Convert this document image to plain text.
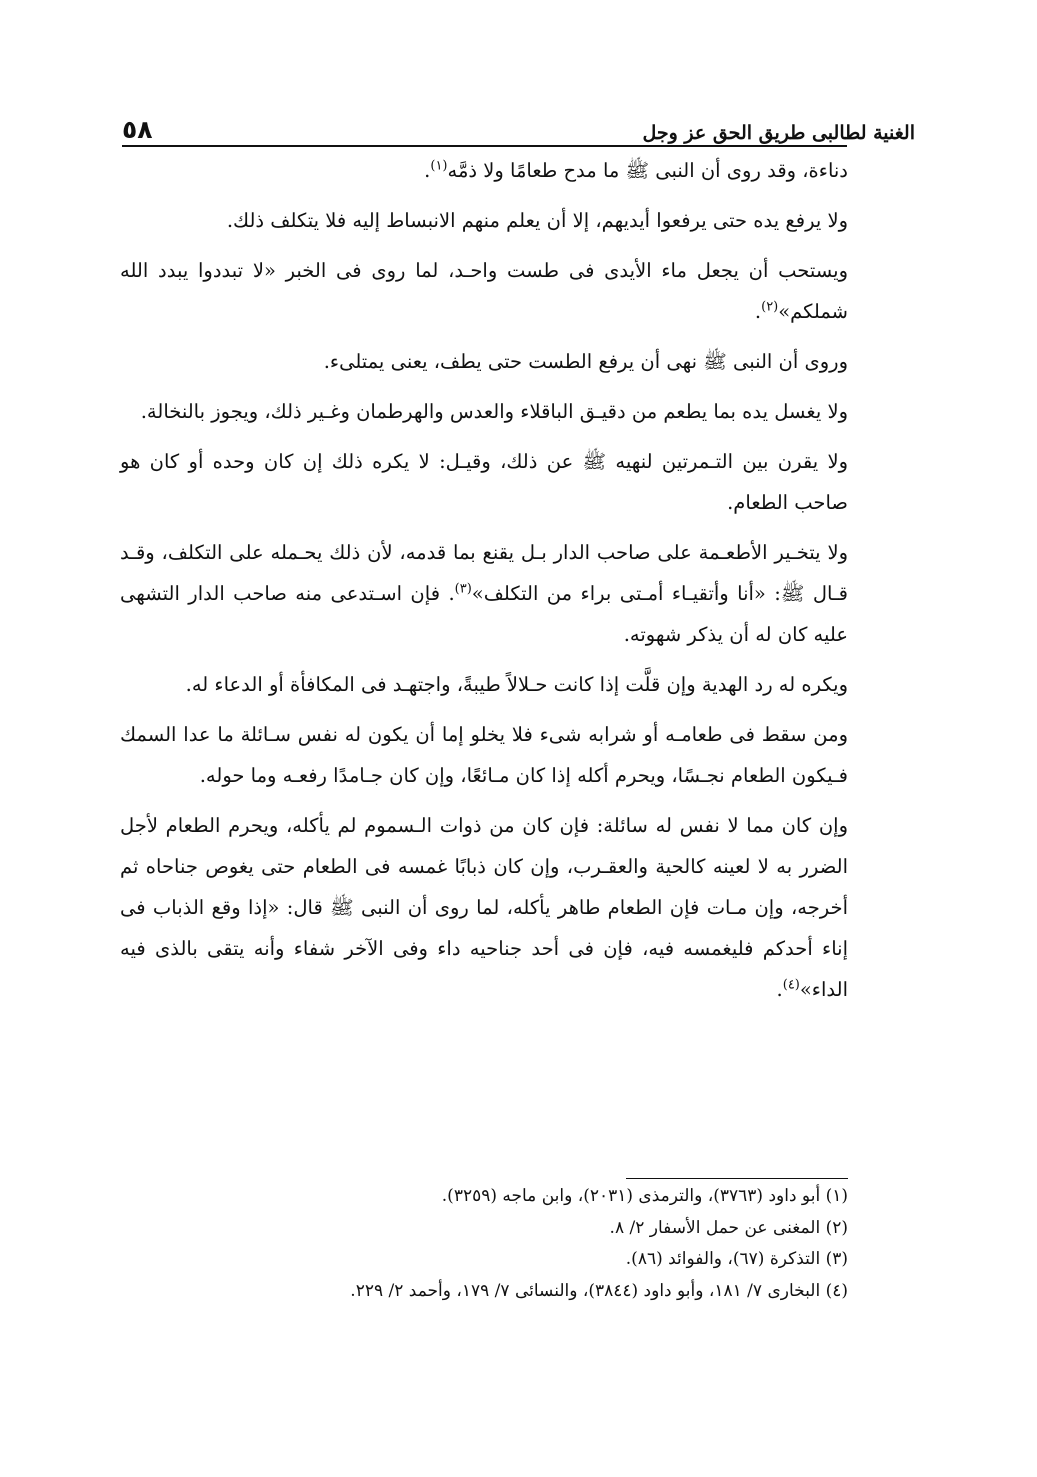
الغنية لطالبى طريق الحق عز وجل
٥٨

دناءة، وقد روى أن النبى ﷺ ما مدح طعامًا ولا ذمَّه$^{(١)}$.

ولا يرفع يده حتى يرفعوا أيديهم، إلا أن يعلم منهم الانبساط إليه فلا يتكلف ذلك.

ويستحب أن يجعل ماء الأيدى فى طست واحـد، لما روى فى الخبر «لا تبددوا يبدد الله شملكم»$^{(٢)}$.

وروى أن النبى ﷺ نهى أن يرفع الطست حتى يطف، يعنى يمتلىء.

ولا يغسل يده بما يطعم من دقيـق الباقلاء والعدس والهرطمان وغـير ذلك، ويجوز بالنخالة.

ولا يقرن بين التـمرتين لنهيه ﷺ عن ذلك، وقيـل: لا يكره ذلك إن كان وحده أو كان هو صاحب الطعام.

ولا يتخـير الأطعـمة على صاحب الدار بـل يقنع بما قدمه، لأن ذلك يحـمله على التكلف، وقـد قـال ﷺ: «أنا وأتقيـاء أمـتى براء من التكلف»$^{(٣)}$. فإن اسـتدعى منه صاحب الدار التشهى عليه كان له أن يذكر شهوته.

ويكره له رد الهدية وإن قلَّت إذا كانت حـلالاً طيبةً، واجتهـد فى المكافأة أو الدعاء له.

ومن سقط فى طعامـه أو شرابه شىء فلا يخلو إما أن يكون له نفس سـائلة ما عدا السمك فـيكون الطعام نجـسًا، ويحرم أكله إذا كان مـائعًا، وإن كان جـامدًا رفعـه وما حوله.

وإن كان مما لا نفس له سائلة: فإن كان من ذوات الـسموم لم يأكله، ويحرم الطعام لأجل الضرر به لا لعينه كالحية والعقـرب، وإن كان ذبابًا غمسه فى الطعام حتى يغوص جناحاه ثم أخرجه، وإن مـات فإن الطعام طاهر يأكله، لما روى أن النبى ﷺ قال: «إذا وقع الذباب فى إناء أحدكم فليغمسه فيه، فإن فى أحد جناحيه داء وفى الآخر شفاء وأنه يتقى بالذى فيه الداء»$^{(٤)}$.

(١) أبو داود (٣٧٦٣)، والترمذى (٢٠٣١)، وابن ماجه (٣٢٥٩).

(٢) المغنى عن حمل الأسفار ٢/ ٨.

(٣) التذكرة (٦٧)، والفوائد (٨٦).

(٤) البخارى ٧/ ١٨١، وأبو داود (٣٨٤٤)، والنسائى ٧/ ١٧٩، وأحمد ٢/ ٢٢٩.
